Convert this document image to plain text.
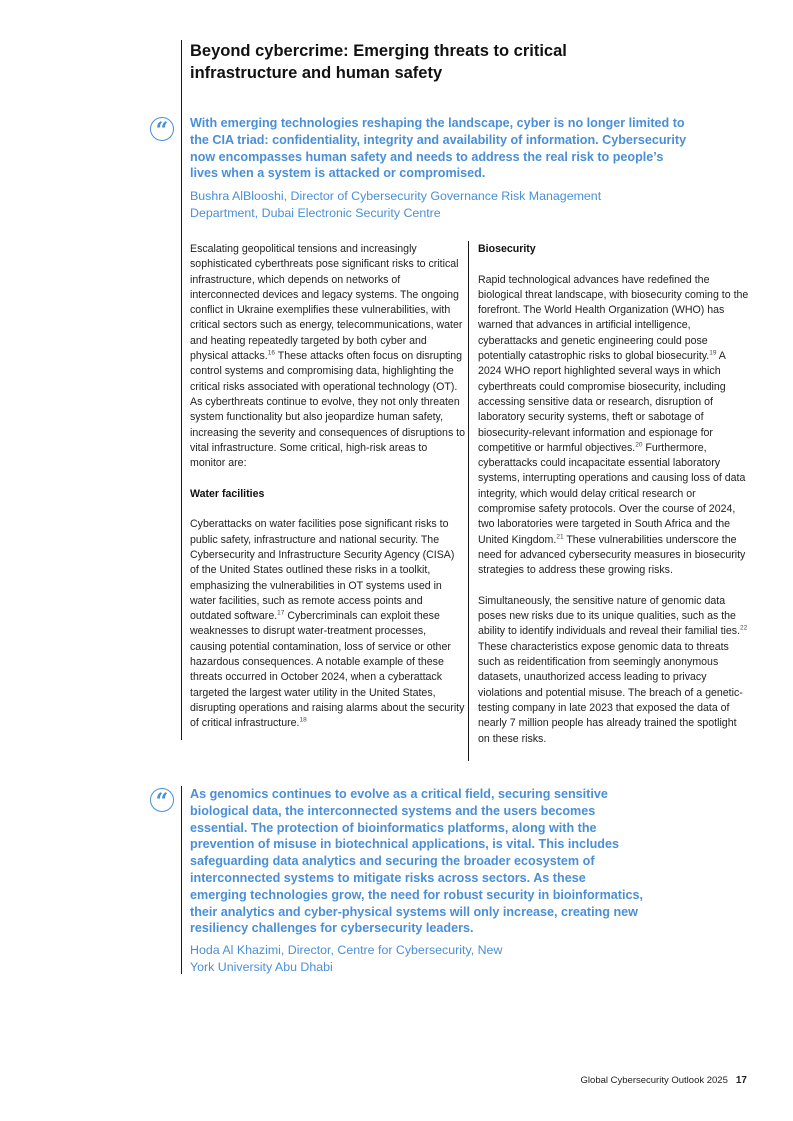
Beyond cybercrime: Emerging threats to critical infrastructure and human safety
“	With emerging technologies reshaping the landscape, cyber is no longer limited to the CIA triad: confidentiality, integrity and availability of information. Cybersecurity now encompasses human safety and needs to address the real risk to people’s lives when a system is attacked or compromised.
Bushra AlBlooshi, Director of Cybersecurity Governance Risk Management Department, Dubai Electronic Security Centre

Escalating geopolitical tensions and increasingly sophisticated cyberthreats pose significant risks to critical infrastructure, which depends on networks of interconnected devices and legacy systems. The ongoing conflict in Ukraine exemplifies these vulnerabilities, with critical sectors such as energy, telecommunications, water and heating repeatedly targeted by both cyber and physical attacks.$^{16}$ These attacks often focus on disrupting control systems and compromising data, highlighting the critical risks associated with operational technology (OT). As cyberthreats continue to evolve, they not only threaten system functionality but also jeopardize human safety, increasing the severity and consequences of disruptions to vital infrastructure. Some critical, high-risk areas to monitor are:

Water facilities

Cyberattacks on water facilities pose significant risks to public safety, infrastructure and national security. The Cybersecurity and Infrastructure Security Agency (CISA) of the United States outlined these risks in a toolkit, emphasizing the vulnerabilities in OT systems used in water facilities, such as remote access points and outdated software.$^{17}$ Cybercriminals can exploit these weaknesses to disrupt water-treatment processes, causing potential contamination, loss of service or other hazardous consequences. A notable example of these threats occurred in October 2024, when a cyberattack targeted the largest water utility in the United States, disrupting operations and raising alarms about the security of critical infrastructure.$^{18}$

Biosecurity

Rapid technological advances have redefined the biological threat landscape, with biosecurity coming to the forefront. The World Health Organization (WHO) has warned that advances in artificial intelligence, cyberattacks and genetic engineering could pose potentially catastrophic risks to global biosecurity.$^{19}$ A 2024 WHO report highlighted several ways in which cyberthreats could compromise biosecurity, including accessing sensitive data or research, disruption of laboratory security systems, theft or sabotage of biosecurity-relevant information and espionage for competitive or harmful objectives.$^{20}$ Furthermore, cyberattacks could incapacitate essential laboratory systems, interrupting operations and causing loss of data integrity, which would delay critical research or compromise safety protocols. Over the course of 2024, two laboratories were targeted in South Africa and the United Kingdom.$^{21}$ These vulnerabilities underscore the need for advanced cybersecurity measures in biosecurity strategies to address these growing risks.

Simultaneously, the sensitive nature of genomic data poses new risks due to its unique qualities, such as the ability to identify individuals and reveal their familial ties.$^{22}$ These characteristics expose genomic data to threats such as reidentification from seemingly anonymous datasets, unauthorized access leading to privacy violations and potential misuse. The breach of a genetic-testing company in late 2023 that exposed the data of nearly 7 million people has already trained the spotlight on these risks.

“	As genomics continues to evolve as a critical field, securing sensitive biological data, the interconnected systems and the users becomes essential. The protection of bioinformatics platforms, along with the prevention of misuse in biotechnical applications, is vital. This includes safeguarding data analytics and securing the broader ecosystem of interconnected systems to mitigate risks across sectors. As these emerging technologies grow, the need for robust security in bioinformatics, their analytics and cyber-physical systems will only increase, creating new resiliency challenges for cybersecurity leaders.
Hoda Al Khazimi, Director, Centre for Cybersecurity, New York University Abu Dhabi
Global Cybersecurity Outlook 2025 17
